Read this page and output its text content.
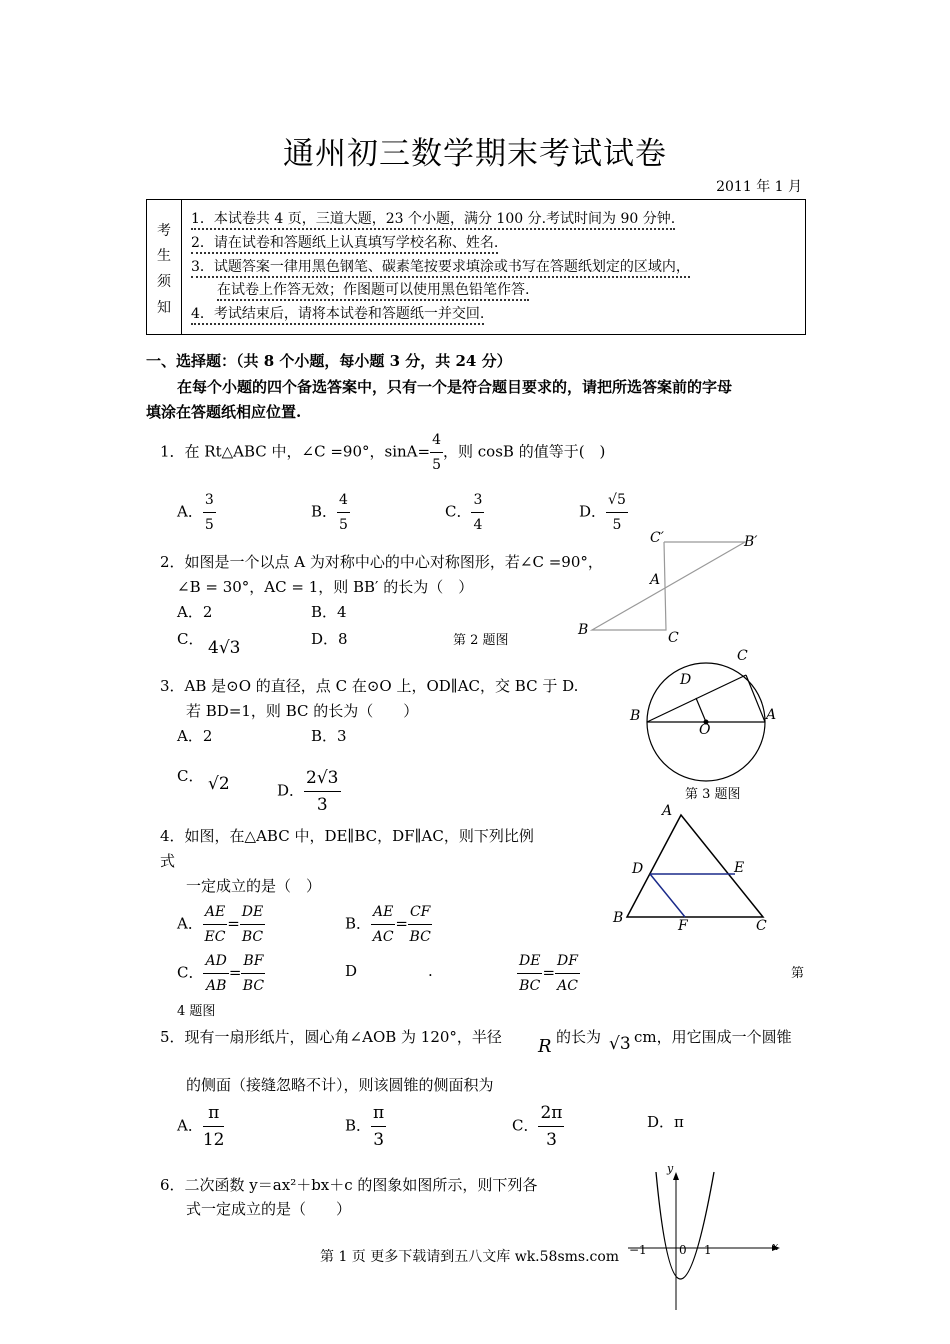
通州初三数学期末考试试卷
2011 年 1 月
考
生
须
知
1．本试卷共 4 页，三道大题，23 个小题，满分 100 分.考试时间为 90 分钟.
2．请在试卷和答题纸上认真填写学校名称、姓名.
3．试题答案一律用黑色钢笔、碳素笔按要求填涂或书写在答题纸划定的区域内，
在试卷上作答无效；作图题可以使用黑色铅笔作答.
4．考试结束后，请将本试卷和答题纸一并交回.
一、选择题：（共 8 个小题，每小题 3 分，共 24 分）
在每个小题的四个备选答案中，只有一个是符合题目要求的，请把所选答案前的字母
填涂在答题纸相应位置.
1．在 Rt△ABC 中，∠C =90°，$\sin A= \frac{4}{5}$ ，则 cosB 的值等于(　)
A． $\frac{3}{5}$	B． $\frac{4}{5}$	C． $\frac{3}{4}$	D． $\frac{√5}{5}$
2．如图是一个以点 A 为对称中心的中心对称图形，若∠C =90°，
∠B = 30°，AC = 1，则 BB′ 的长为（　）
A．2	B．4
C． 4√3	D．8	第 2 题图
C′	B′
A
B	C
3．AB 是⊙O 的直径，点 C 在⊙O 上，OD∥AC，交 BC 于 D.
若 BD=1，则 BC 的长为（　　）
A．2	B．3
C． √2	D． $\frac{2√3}{3}$
C
D
B
O
A
第 3 题图
4．如图，在△ABC 中，DE∥BC，DF∥AC，则下列比例
式
一定成立的是（　）
A． $\frac{AE}{EC} = \frac{DE}{BC}$	B． $\frac{AE}{AC} = \frac{CF}{BC}$
C． $\frac{AD}{AB} = \frac{BF}{BC}$	D	.	$\frac{DE}{BC} = \frac{DF}{AC}$	第
4 题图
A
D	E
B	F	C
5．现有一扇形纸片，圆心角∠AOB 为 120°，半径 R 的长为 √3 cm，用它围成一个圆锥
的侧面（接缝忽略不计），则该圆锥的侧面积为
A． $\frac{\pi}{12}$	B． $\frac{\pi}{3}$	C． $\frac{2\pi}{3}$	D．π
6．二次函数 y＝ax²＋bx＋c 的图象如图所示，则下列各
式一定成立的是（　　）
y
x
−1	0 1
第 1 页 更多下载请到五八文库 wk.58sms.com
